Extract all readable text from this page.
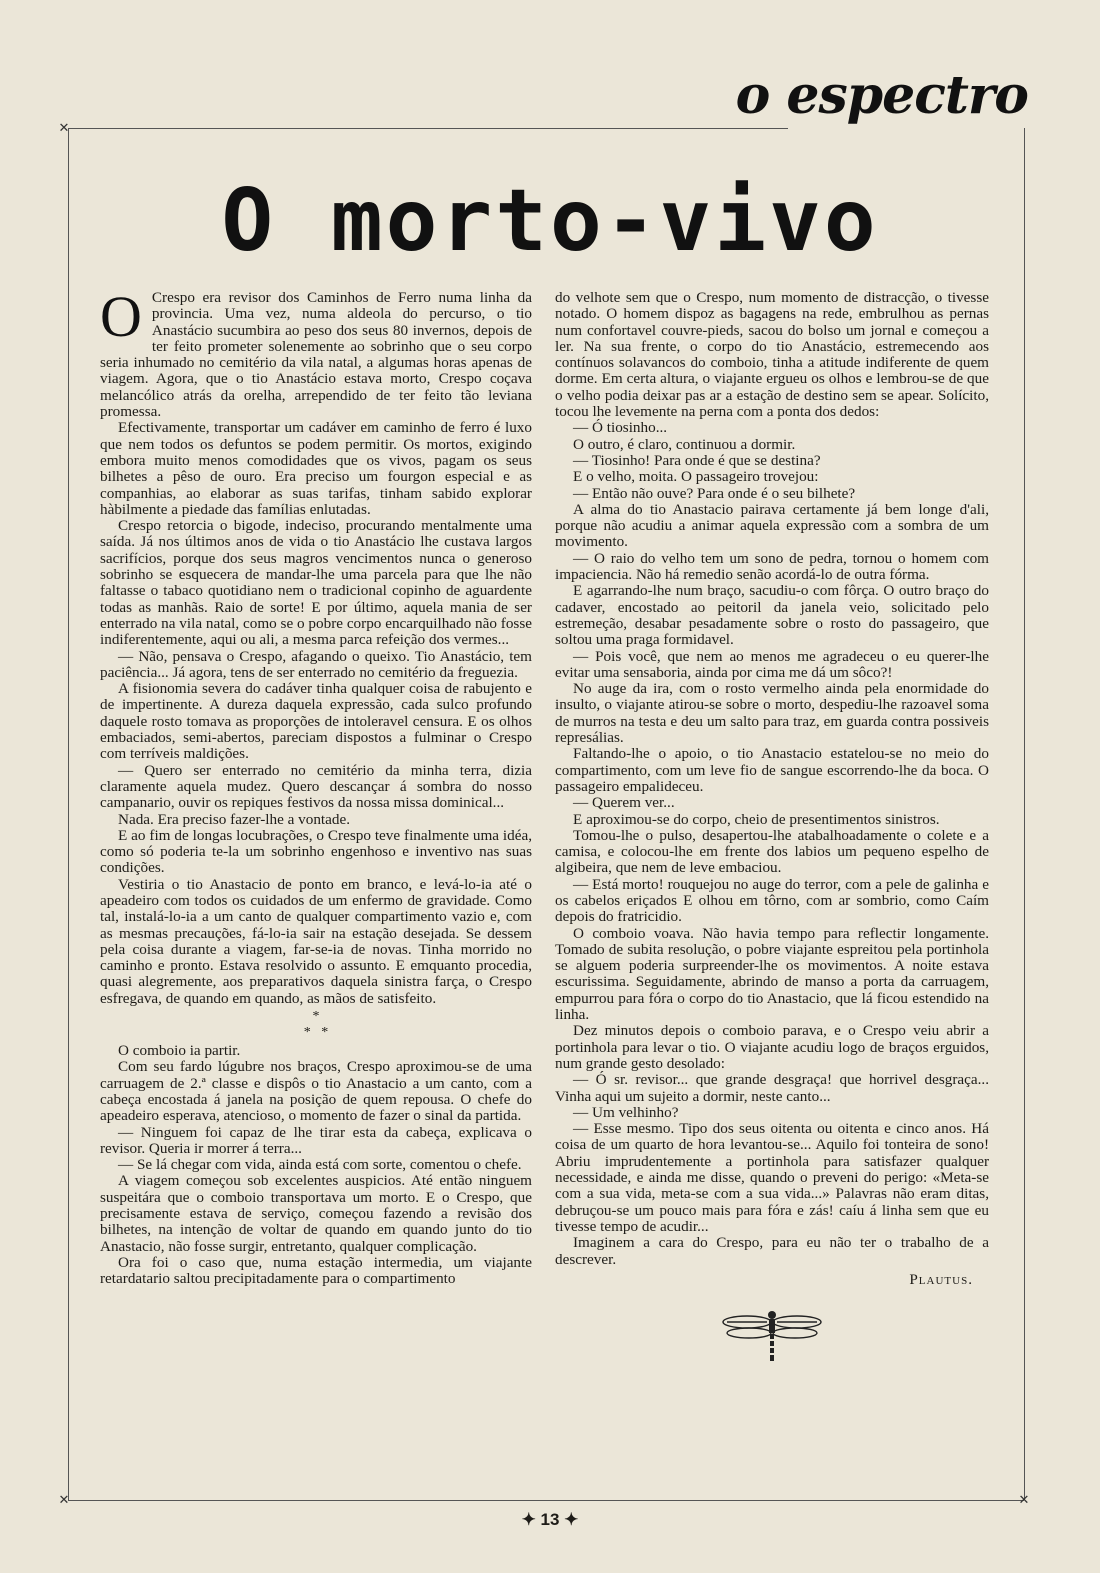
o espectro
✕
✕	✕
O morto-vivo
O Crespo era revisor dos Caminhos de Ferro numa linha da provincia. Uma vez, numa aldeola do percurso, o tio Anastácio sucumbira ao peso dos seus 80 invernos, depois de ter feito prometer solenemente ao sobrinho que o seu corpo seria inhumado no cemitério da vila natal, a algumas horas apenas de viagem. Agora, que o tio Anastácio estava morto, Crespo coçava melancólico atrás da orelha, arrependido de ter feito tão leviana promessa.

Efectivamente, transportar um cadáver em caminho de ferro é luxo que nem todos os defuntos se podem permitir. Os mortos, exigindo embora muito menos comodidades que os vivos, pagam os seus bilhetes a pêso de ouro. Era preciso um fourgon especial e as companhias, ao elaborar as suas tarifas, tinham sabido explorar hàbilmente a piedade das famílias enlutadas.

Crespo retorcia o bigode, indeciso, procurando mentalmente uma saída. Já nos últimos anos de vida o tio Anastácio lhe custava largos sacrifícios, porque dos seus magros vencimentos nunca o generoso sobrinho se esquecera de mandar-lhe uma parcela para que lhe não faltasse o tabaco quotidiano nem o tradicional copinho de aguardente todas as manhãs. Raio de sorte! E por último, aquela mania de ser enterrado na vila natal, como se o pobre corpo encarquilhado não fosse indiferentemente, aqui ou ali, a mesma parca refeição dos vermes...

— Não, pensava o Crespo, afagando o queixo. Tio Anastácio, tem paciência... Já agora, tens de ser enterrado no cemitério da freguezia.

A fisionomia severa do cadáver tinha qualquer coisa de rabujento e de impertinente. A dureza daquela expressão, cada sulco profundo daquele rosto tomava as proporções de intoleravel censura. E os olhos embaciados, semi-abertos, pareciam dispostos a fulminar o Crespo com terríveis maldições.

— Quero ser enterrado no cemitério da minha terra, dizia claramente aquela mudez. Quero descançar á sombra do nosso campanario, ouvir os repiques festivos da nossa missa dominical...

Nada. Era preciso fazer-lhe a vontade.

E ao fim de longas locubrações, o Crespo teve finalmente uma idéa, como só poderia te-la um sobrinho engenhoso e inventivo nas suas condições.

Vestiria o tio Anastacio de ponto em branco, e levá-lo-ia até o apeadeiro com todos os cuidados de um enfermo de gravidade. Como tal, instalá-lo-ia a um canto de qualquer compartimento vazio e, com as mesmas precauções, fá-lo-ia sair na estação desejada. Se dessem pela coisa durante a viagem, far-se-ia de novas. Tinha morrido no caminho e pronto. Estava resolvido o assunto. E emquanto procedia, quasi alegremente, aos preparativos daquela sinistra farça, o Crespo esfregava, de quando em quando, as mãos de satisfeito.

*
*   *

O comboio ia partir.

Com seu fardo lúgubre nos braços, Crespo aproximou-se de uma carruagem de 2.ª classe e dispôs o tio Anastacio a um canto, com a cabeça encostada á janela na posição de quem repousa. O chefe do apeadeiro esperava, atencioso, o momento de fazer o sinal da partida.

— Ninguem foi capaz de lhe tirar esta da cabeça, explicava o revisor. Queria ir morrer á terra...

— Se lá chegar com vida, ainda está com sorte, comentou o chefe.

A viagem começou sob excelentes auspicios. Até então ninguem suspeitára que o comboio transportava um morto. E o Crespo, que precisamente estava de serviço, começou fazendo a revisão dos bilhetes, na intenção de voltar de quando em quando junto do tio Anastacio, não fosse surgir, entretanto, qualquer complicação.

Ora foi o caso que, numa estação intermedia, um viajante retardatario saltou precipitadamente para o compartimento

do velhote sem que o Crespo, num momento de distracção, o tivesse notado. O homem dispoz as bagagens na rede, embrulhou as pernas num confortavel couvre-pieds, sacou do bolso um jornal e começou a ler. Na sua frente, o corpo do tio Anastácio, estremecendo aos contínuos solavancos do comboio, tinha a atitude indiferente de quem dorme. Em certa altura, o viajante ergueu os olhos e lembrou-se de que o velho podia deixar pas ar a estação de destino sem se apear. Solícito, tocou lhe levemente na perna com a ponta dos dedos:

— Ó tiosinho...

O outro, é claro, continuou a dormir.

— Tiosinho! Para onde é que se destina?

E o velho, moita. O passageiro trovejou:

— Então não ouve? Para onde é o seu bilhete?

A alma do tio Anastacio pairava certamente já bem longe d'ali, porque não acudiu a animar aquela expressão com a sombra de um movimento.

— O raio do velho tem um sono de pedra, tornou o homem com impaciencia. Não há remedio senão acordá-lo de outra fórma.

E agarrando-lhe num braço, sacudiu-o com fôrça. O outro braço do cadaver, encostado ao peitoril da janela veio, solicitado pelo estremeção, desabar pesadamente sobre o rosto do passageiro, que soltou uma praga formidavel.

— Pois você, que nem ao menos me agradeceu o eu querer-lhe evitar uma sensaboria, ainda por cima me dá um sôco?!

No auge da ira, com o rosto vermelho ainda pela enormidade do insulto, o viajante atirou-se sobre o morto, despediu-lhe razoavel soma de murros na testa e deu um salto para traz, em guarda contra possiveis represálias.

Faltando-lhe o apoio, o tio Anastacio estatelou-se no meio do compartimento, com um leve fio de sangue escorrendo-lhe da boca. O passageiro empalideceu.

— Querem ver...

E aproximou-se do corpo, cheio de presentimentos sinistros.

Tomou-lhe o pulso, desapertou-lhe atabalhoadamente o colete e a camisa, e colocou-lhe em frente dos labios um pequeno espelho de algibeira, que nem de leve embaciou.

— Está morto! rouquejou no auge do terror, com a pele de galinha e os cabelos eriçados E olhou em tôrno, com ar sombrio, como Caím depois do fratricidio.

O comboio voava. Não havia tempo para reflectir longamente. Tomado de subita resolução, o pobre viajante espreitou pela portinhola se alguem poderia surpreender-lhe os movimentos. A noite estava escurissima. Seguidamente, abrindo de manso a porta da carruagem, empurrou para fóra o corpo do tio Anastacio, que lá ficou estendido na linha.

Dez minutos depois o comboio parava, e o Crespo veiu abrir a portinhola para levar o tio. O viajante acudiu logo de braços erguidos, num grande gesto desolado:

— Ó sr. revisor... que grande desgraça! que horrivel desgraça... Vinha aqui um sujeito a dormir, neste canto...

— Um velhinho?

— Esse mesmo. Tipo dos seus oitenta ou oitenta e cinco anos. Há coisa de um quarto de hora levantou-se... Aquilo foi tonteira de sono! Abriu imprudentemente a portinhola para satisfazer qualquer necessidade, e ainda me disse, quando o preveni do perigo: «Meta-se com a sua vida, meta-se com a sua vida...» Palavras não eram ditas, debruçou-se um pouco mais para fóra e zás! caíu á linha sem que eu tivesse tempo de acudir...

Imaginem a cara do Crespo, para eu não ter o trabalho de a descrever.

Plautus.
✦ 13 ✦
